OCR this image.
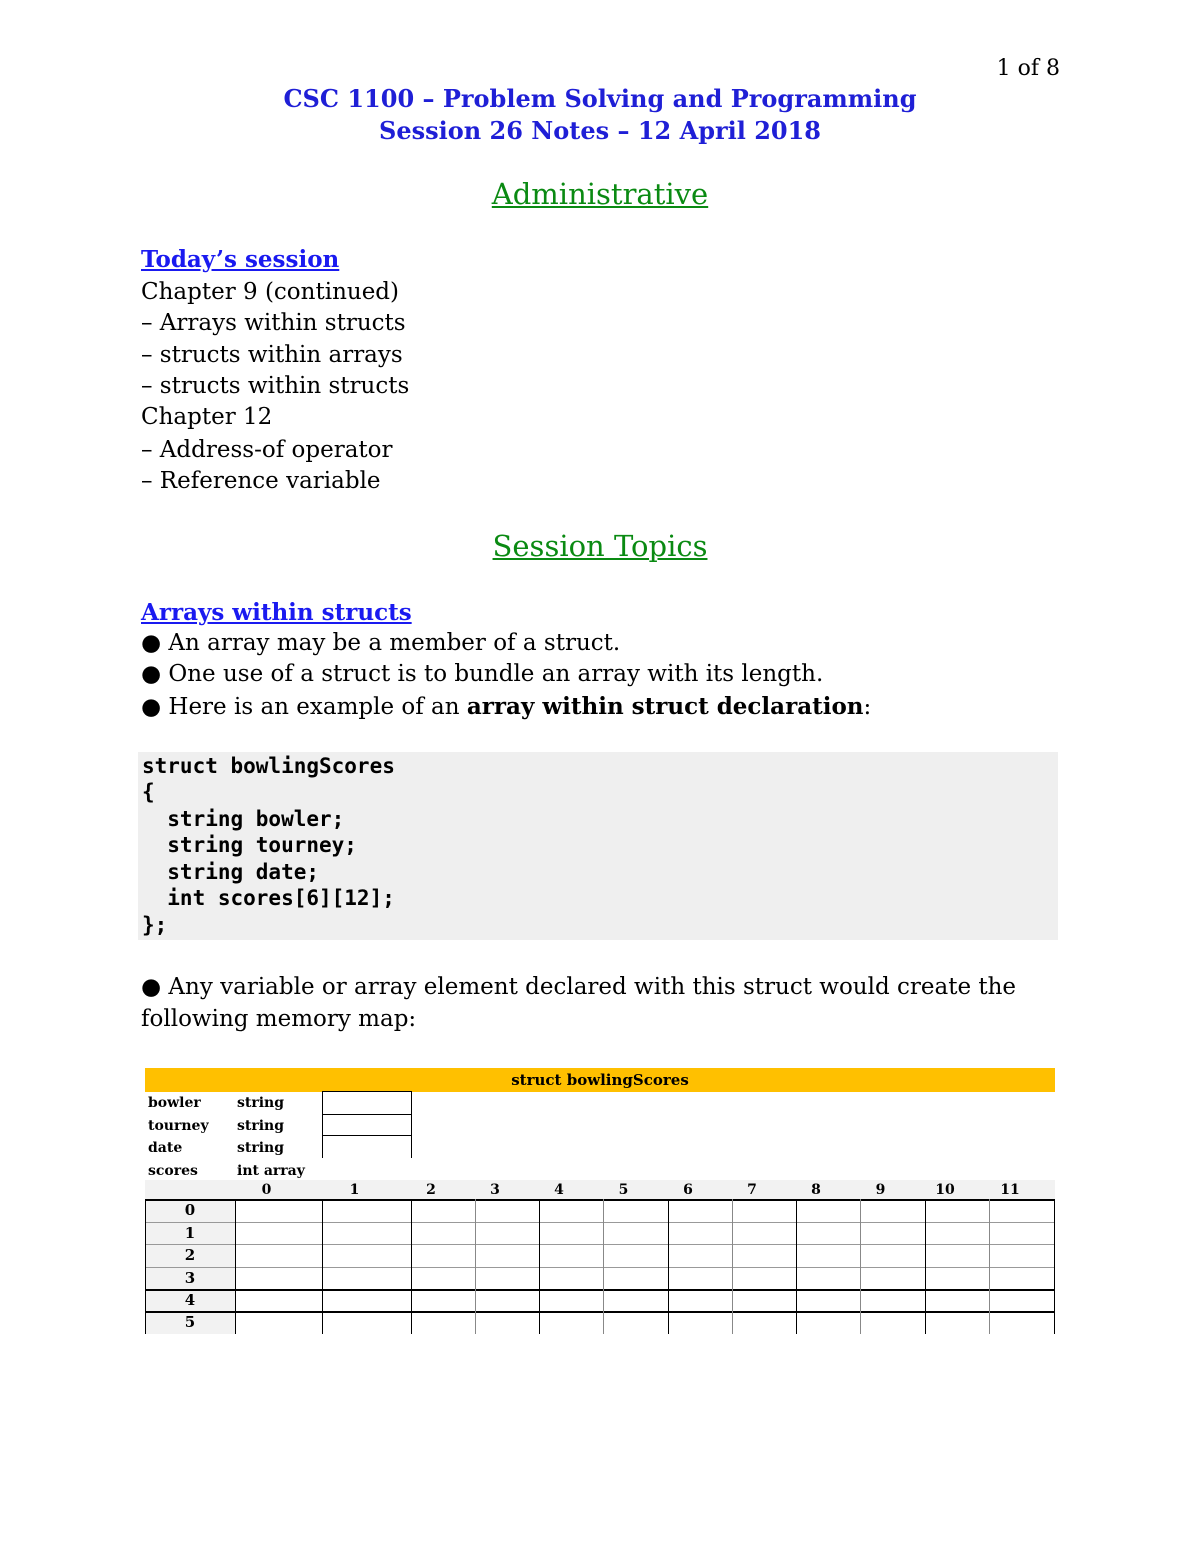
1 of 8
CSC 1100 – Problem Solving and Programming
Session 26 Notes – 12 April 2018
Administrative
Today’s session
Chapter 9 (continued)
– Arrays within structs
– structs within arrays
– structs within structs
Chapter 12
– Address-of operator
– Reference variable
Session Topics
Arrays within structs
● An array may be a member of a struct.
● One use of a struct is to bundle an array with its length.
● Here is an example of an array within struct declaration:
struct bowlingScores
{
string bowler;
string tourney;
string date;
int scores[6][12];
};
● Any variable or array element declared with this struct would create the
following memory map:
struct bowlingScores
bowler	string
tourney string
date	string
scores	int array
0	1	2	3	4	5	6	7	8	9	10	11
0
1
2
3
4
5
